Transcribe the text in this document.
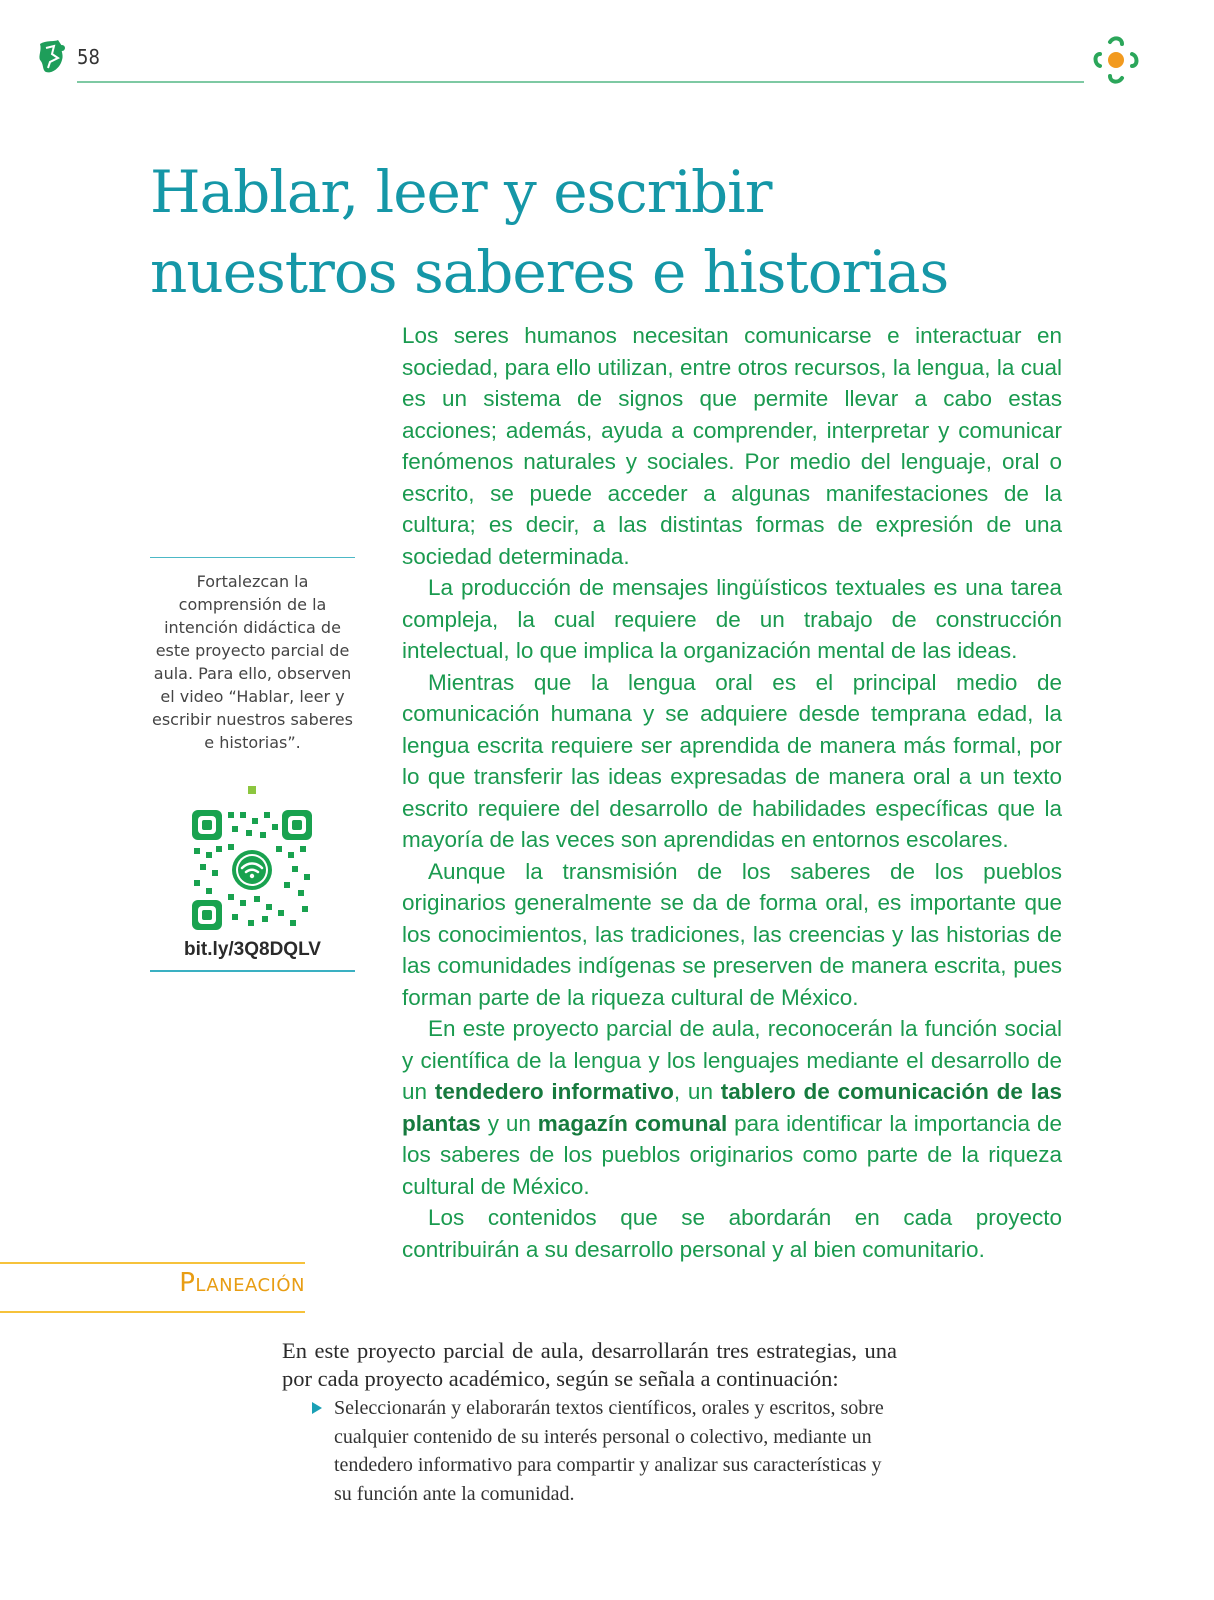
58
Hablar, leer y escribir
nuestros saberes e historias

Los seres humanos necesitan comunicarse e interactuar en sociedad, para ello utilizan, entre otros recursos, la lengua, la cual es un sistema de signos que permite llevar a cabo estas acciones; además, ayuda a comprender, interpretar y comunicar fenómenos naturales y sociales. Por medio del lenguaje, oral o escrito, se puede acceder a algunas manifestaciones de la cultura; es decir, a las distintas formas de expresión de una sociedad determinada.

La producción de mensajes lingüísticos textuales es una tarea compleja, la cual requiere de un trabajo de construcción intelectual, lo que implica la organización mental de las ideas.

Mientras que la lengua oral es el principal medio de comunicación humana y se adquiere desde temprana edad, la lengua escrita requiere ser aprendida de manera más formal, por lo que transferir las ideas expresadas de manera oral a un texto escrito requiere del desarrollo de habilidades específicas que la mayoría de las veces son aprendidas en entornos escolares.

Aunque la transmisión de los saberes de los pueblos originarios generalmente se da de forma oral, es importante que los conocimientos, las tradiciones, las creencias y las historias de las comunidades indígenas se preserven de manera escrita, pues forman parte de la riqueza cultural de México.

En este proyecto parcial de aula, reconocerán la función social y científica de la lengua y los lenguajes mediante el desarrollo de un tendedero informativo, un tablero de comunicación de las plantas y un magazín comunal para identificar la importancia de los saberes de los pueblos originarios como parte de la riqueza cultural de México.

Los contenidos que se abordarán en cada proyecto contribuirán a su desarrollo personal y al bien comunitario.

Fortalezcan la comprensión de la intención didáctica de este proyecto parcial de aula. Para ello, observen el video “Hablar, leer y escribir nuestros saberes e historias”.

bit.ly/3Q8DQLV
Planeación

En este proyecto parcial de aula, desarrollarán tres estrategias, una por cada proyecto académico, según se señala a continuación:

Seleccionarán y elaborarán textos científicos, orales y escritos, sobre cualquier contenido de su interés personal o colectivo, mediante un tendedero informativo para compartir y analizar sus características y su función ante la comunidad.
